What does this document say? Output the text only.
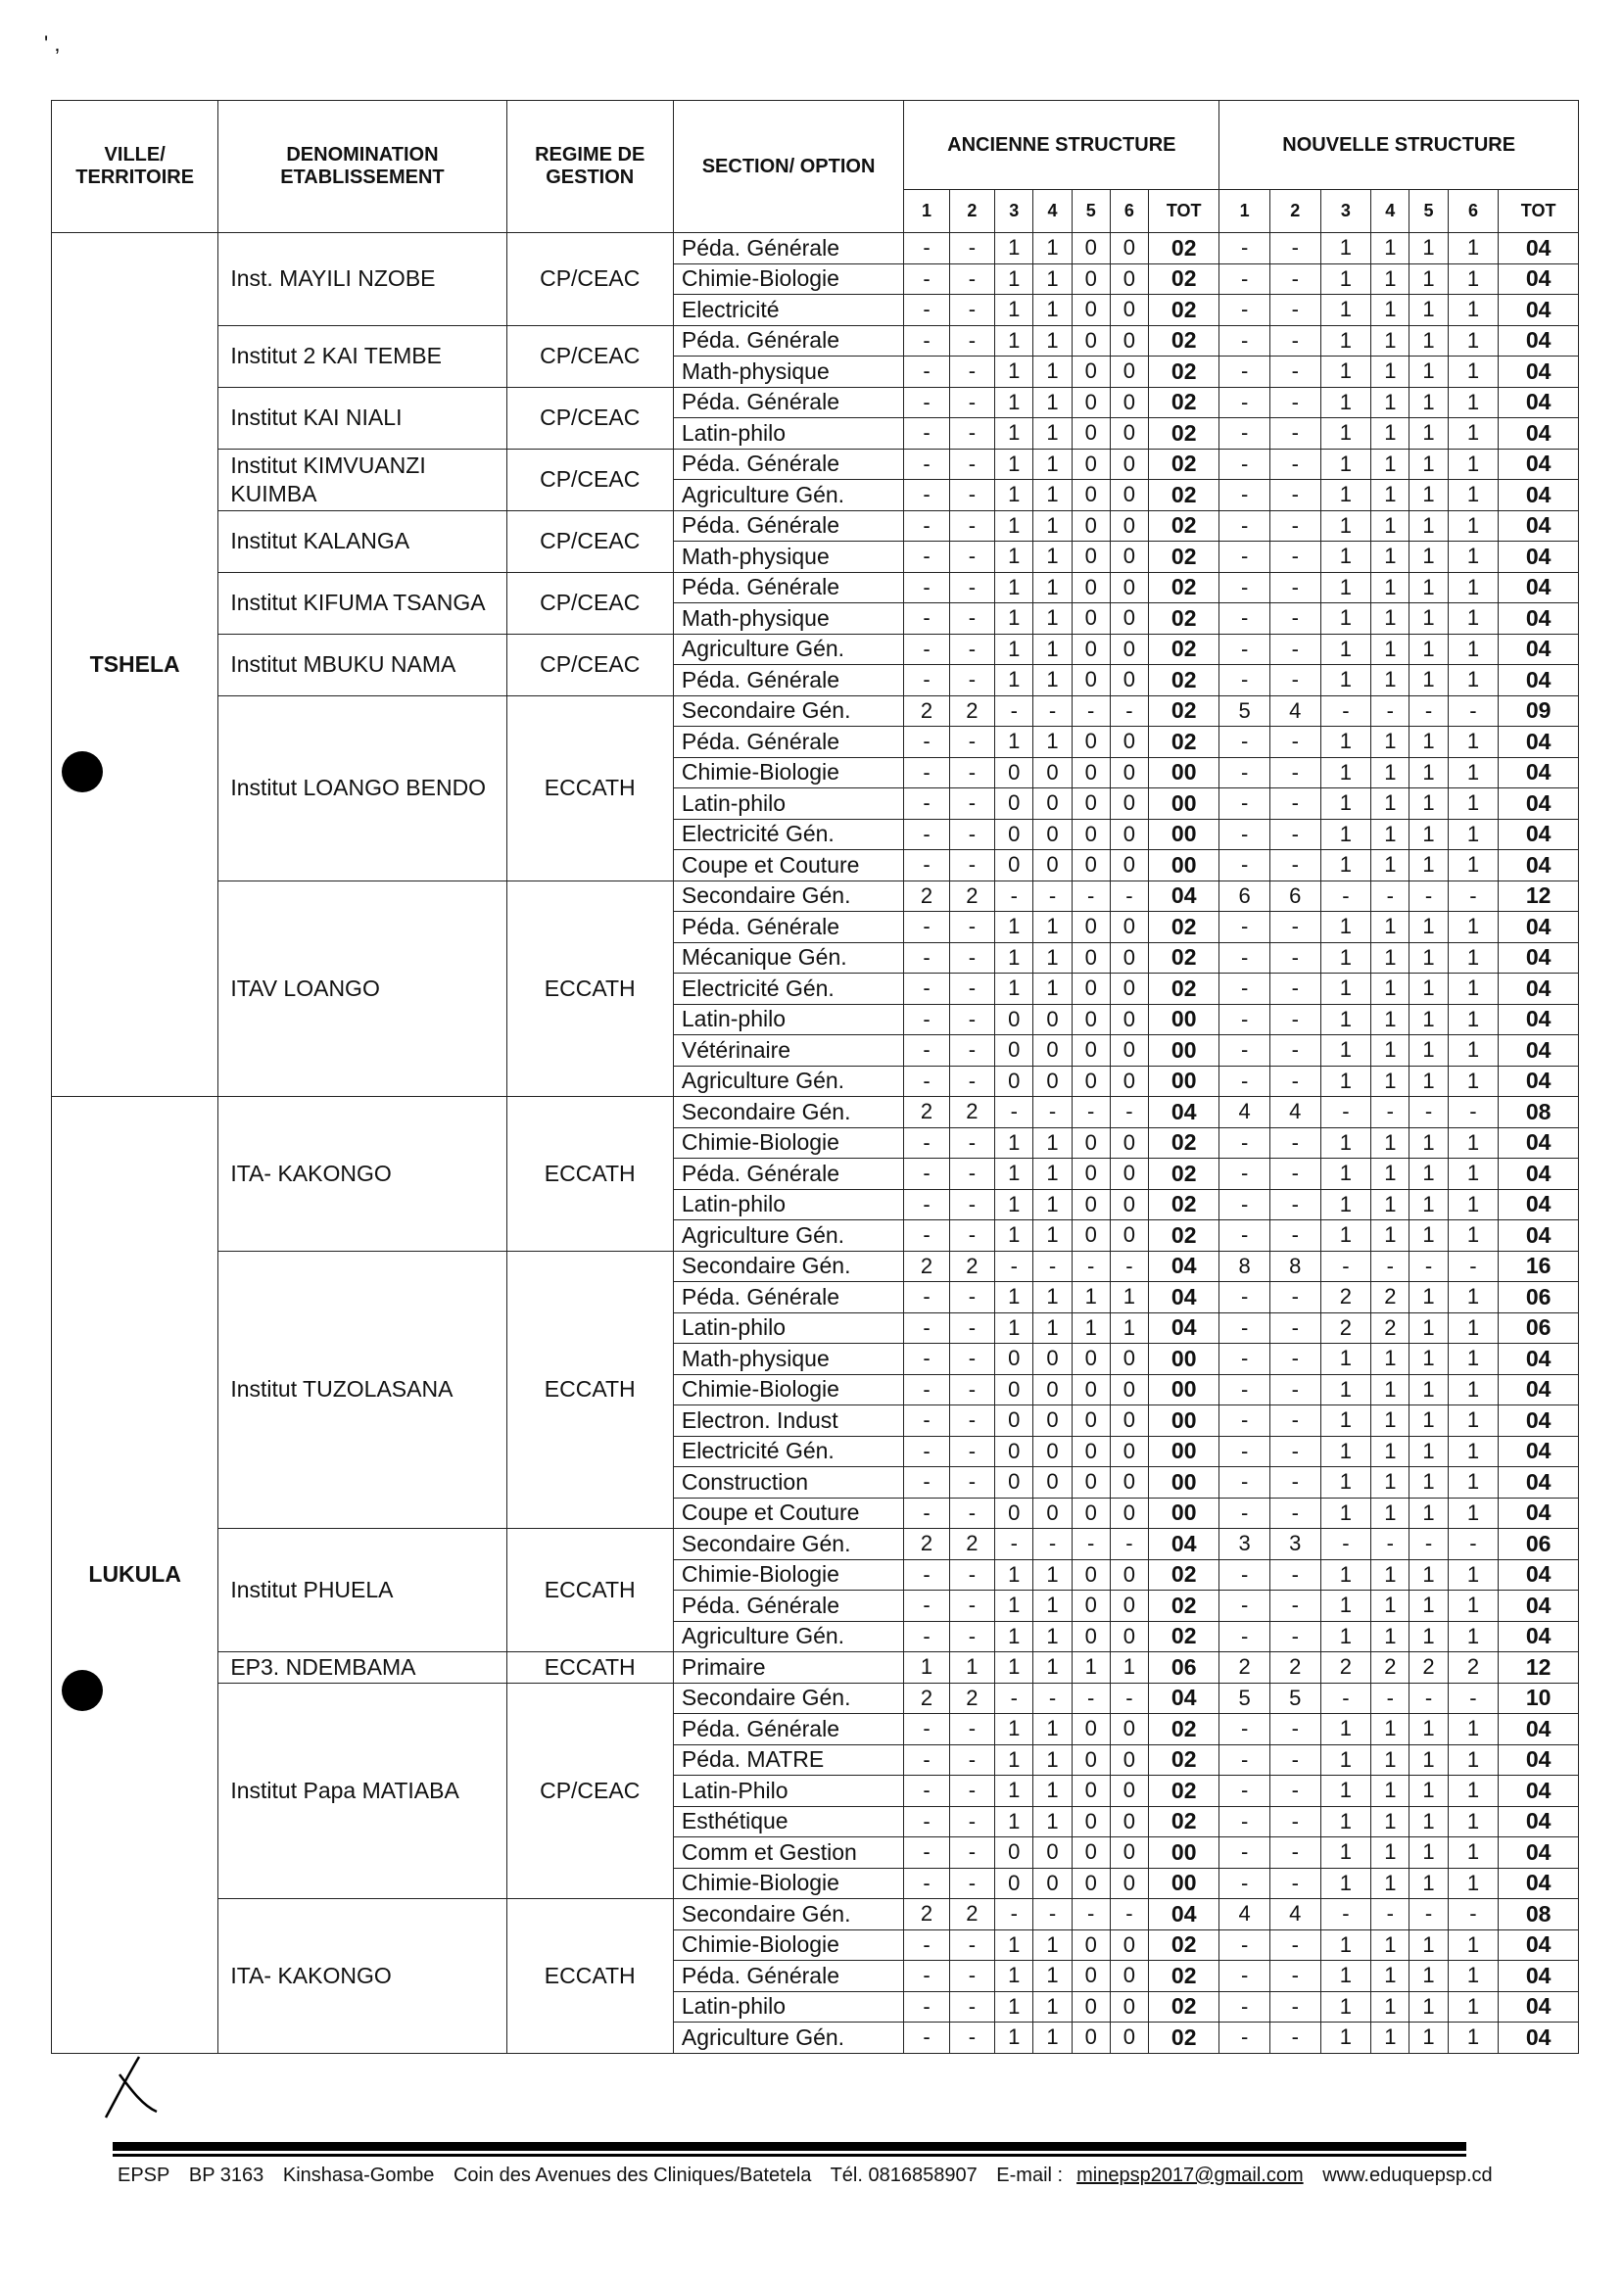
' ,
VILLE/ TERRITOIRE	DENOMINATION ETABLISSEMENT	REGIME DE GESTION	SECTION/ OPTION	ANCIENNE STRUCTURE							NOUVELLE STRUCTURE						
				1	2	3	4	5	6	TOT	1	2	3	4	5	6	TOT
TSHELA	Inst. MAYILI NZOBE	CP/CEAC	Péda. Générale	-	-	1	1	0	0	02	-	-	1	1	1	1	04
			Chimie-Biologie	-	-	1	1	0	0	02	-	-	1	1	1	1	04
			Electricité	-	-	1	1	0	0	02	-	-	1	1	1	1	04
	Institut 2 KAI TEMBE	CP/CEAC	Péda. Générale	-	-	1	1	0	0	02	-	-	1	1	1	1	04
			Math-physique	-	-	1	1	0	0	02	-	-	1	1	1	1	04
	Institut KAI NIALI	CP/CEAC	Péda. Générale	-	-	1	1	0	0	02	-	-	1	1	1	1	04
			Latin-philo	-	-	1	1	0	0	02	-	-	1	1	1	1	04
	Institut KIMVUANZI KUIMBA	CP/CEAC	Péda. Générale	-	-	1	1	0	0	02	-	-	1	1	1	1	04
			Agriculture Gén.	-	-	1	1	0	0	02	-	-	1	1	1	1	04
	Institut KALANGA	CP/CEAC	Péda. Générale	-	-	1	1	0	0	02	-	-	1	1	1	1	04
			Math-physique	-	-	1	1	0	0	02	-	-	1	1	1	1	04
	Institut KIFUMA TSANGA	CP/CEAC	Péda. Générale	-	-	1	1	0	0	02	-	-	1	1	1	1	04
			Math-physique	-	-	1	1	0	0	02	-	-	1	1	1	1	04
	Institut MBUKU NAMA	CP/CEAC	Agriculture Gén.	-	-	1	1	0	0	02	-	-	1	1	1	1	04
			Péda. Générale	-	-	1	1	0	0	02	-	-	1	1	1	1	04
	Institut LOANGO BENDO	ECCATH	Secondaire Gén.	2	2	-	-	-	-	02	5	4	-	-	-	-	09
			Péda. Générale	-	-	1	1	0	0	02	-	-	1	1	1	1	04
			Chimie-Biologie	-	-	0	0	0	0	00	-	-	1	1	1	1	04
			Latin-philo	-	-	0	0	0	0	00	-	-	1	1	1	1	04
			Electricité Gén.	-	-	0	0	0	0	00	-	-	1	1	1	1	04
			Coupe et Couture	-	-	0	0	0	0	00	-	-	1	1	1	1	04
	ITAV LOANGO	ECCATH	Secondaire Gén.	2	2	-	-	-	-	04	6	6	-	-	-	-	12
			Péda. Générale	-	-	1	1	0	0	02	-	-	1	1	1	1	04
			Mécanique Gén.	-	-	1	1	0	0	02	-	-	1	1	1	1	04
			Electricité Gén.	-	-	1	1	0	0	02	-	-	1	1	1	1	04
			Latin-philo	-	-	0	0	0	0	00	-	-	1	1	1	1	04
			Vétérinaire	-	-	0	0	0	0	00	-	-	1	1	1	1	04
			Agriculture Gén.	-	-	0	0	0	0	00	-	-	1	1	1	1	04
LUKULA	ITA- KAKONGO	ECCATH	Secondaire Gén.	2	2	-	-	-	-	04	4	4	-	-	-	-	08
			Chimie-Biologie	-	-	1	1	0	0	02	-	-	1	1	1	1	04
			Péda. Générale	-	-	1	1	0	0	02	-	-	1	1	1	1	04
			Latin-philo	-	-	1	1	0	0	02	-	-	1	1	1	1	04
			Agriculture Gén.	-	-	1	1	0	0	02	-	-	1	1	1	1	04
	Institut TUZOLASANA	ECCATH	Secondaire Gén.	2	2	-	-	-	-	04	8	8	-	-	-	-	16
			Péda. Générale	-	-	1	1	1	1	04	-	-	2	2	1	1	06
			Latin-philo	-	-	1	1	1	1	04	-	-	2	2	1	1	06
			Math-physique	-	-	0	0	0	0	00	-	-	1	1	1	1	04
			Chimie-Biologie	-	-	0	0	0	0	00	-	-	1	1	1	1	04
			Electron. Indust	-	-	0	0	0	0	00	-	-	1	1	1	1	04
			Electricité Gén.	-	-	0	0	0	0	00	-	-	1	1	1	1	04
			Construction	-	-	0	0	0	0	00	-	-	1	1	1	1	04
			Coupe et Couture	-	-	0	0	0	0	00	-	-	1	1	1	1	04
	Institut PHUELA	ECCATH	Secondaire Gén.	2	2	-	-	-	-	04	3	3	-	-	-	-	06
			Chimie-Biologie	-	-	1	1	0	0	02	-	-	1	1	1	1	04
			Péda. Générale	-	-	1	1	0	0	02	-	-	1	1	1	1	04
			Agriculture Gén.	-	-	1	1	0	0	02	-	-	1	1	1	1	04
	EP3. NDEMBAMA	ECCATH	Primaire	1	1	1	1	1	1	06	2	2	2	2	2	2	12
	Institut Papa MATIABA	CP/CEAC	Secondaire Gén.	2	2	-	-	-	-	04	5	5	-	-	-	-	10
			Péda. Générale	-	-	1	1	0	0	02	-	-	1	1	1	1	04
			Péda. MATRE	-	-	1	1	0	0	02	-	-	1	1	1	1	04
			Latin-Philo	-	-	1	1	0	0	02	-	-	1	1	1	1	04
			Esthétique	-	-	1	1	0	0	02	-	-	1	1	1	1	04
			Comm et Gestion	-	-	0	0	0	0	00	-	-	1	1	1	1	04
			Chimie-Biologie	-	-	0	0	0	0	00	-	-	1	1	1	1	04
	ITA- KAKONGO	ECCATH	Secondaire Gén.	2	2	-	-	-	-	04	4	4	-	-	-	-	08
			Chimie-Biologie	-	-	1	1	0	0	02	-	-	1	1	1	1	04
			Péda. Générale	-	-	1	1	0	0	02	-	-	1	1	1	1	04
			Latin-philo	-	-	1	1	0	0	02	-	-	1	1	1	1	04
			Agriculture Gén.	-	-	1	1	0	0	02	-	-	1	1	1	1	04
EPSP BP 3163 Kinshasa-Gombe Coin des Avenues des Cliniques/Batetela Tél. 0816858907 E-mail : minepsp2017@gmail.com www.eduquepsp.cd
